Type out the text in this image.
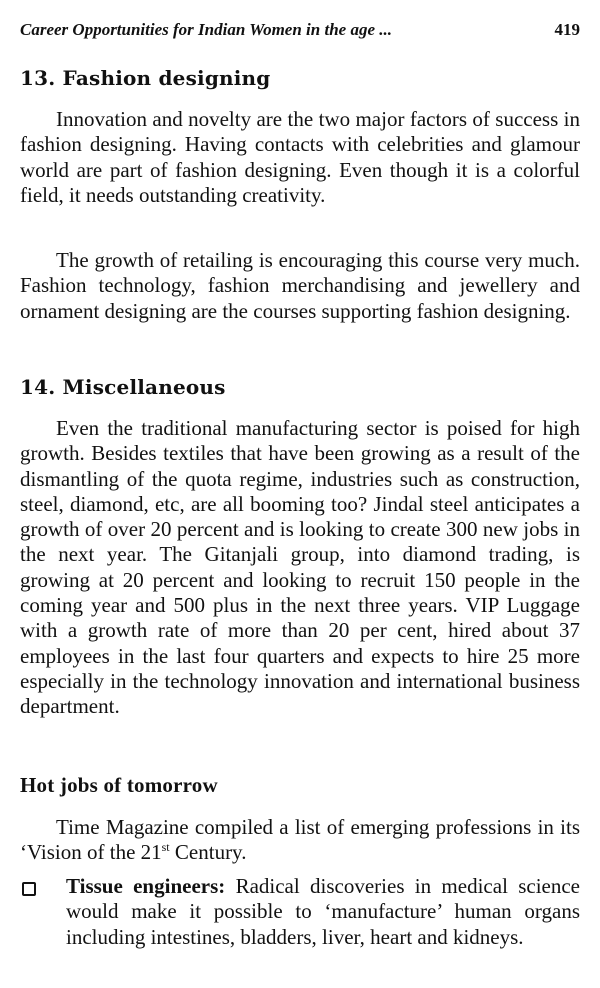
Career Opportunities for Indian Women in the age ...	419
13. Fashion designing

Innovation and novelty are the two major factors of success in fashion designing. Having contacts with celebrities and glamour world are part of fashion designing. Even though it is a colorful field, it needs outstanding creativity.

The growth of retailing is encouraging this course very much. Fashion technology, fashion merchandising and jewellery and ornament designing are the courses supporting fashion designing.

14. Miscellaneous

Even the traditional manufacturing sector is poised for high growth. Besides textiles that have been growing as a result of the dismantling of the quota regime, industries such as construction, steel, diamond, etc, are all booming too? Jindal steel anticipates a growth of over 20 percent and is looking to create 300 new jobs in the next year. The Gitanjali group, into diamond trading, is growing at 20 percent and looking to recruit 150 people in the coming year and 500 plus in the next three years. VIP Luggage with a growth rate of more than 20 per cent, hired about 37 employees in the last four quarters and expects to hire 25 more especially in the technology innovation and international business department.

Hot jobs of tomorrow

Time Magazine compiled a list of emerging professions in its ‘Vision of the 21st Century.

Tissue engineers: Radical discoveries in medical science would make it possible to ‘manufacture’ human organs including intestines, bladders, liver, heart and kidneys.
